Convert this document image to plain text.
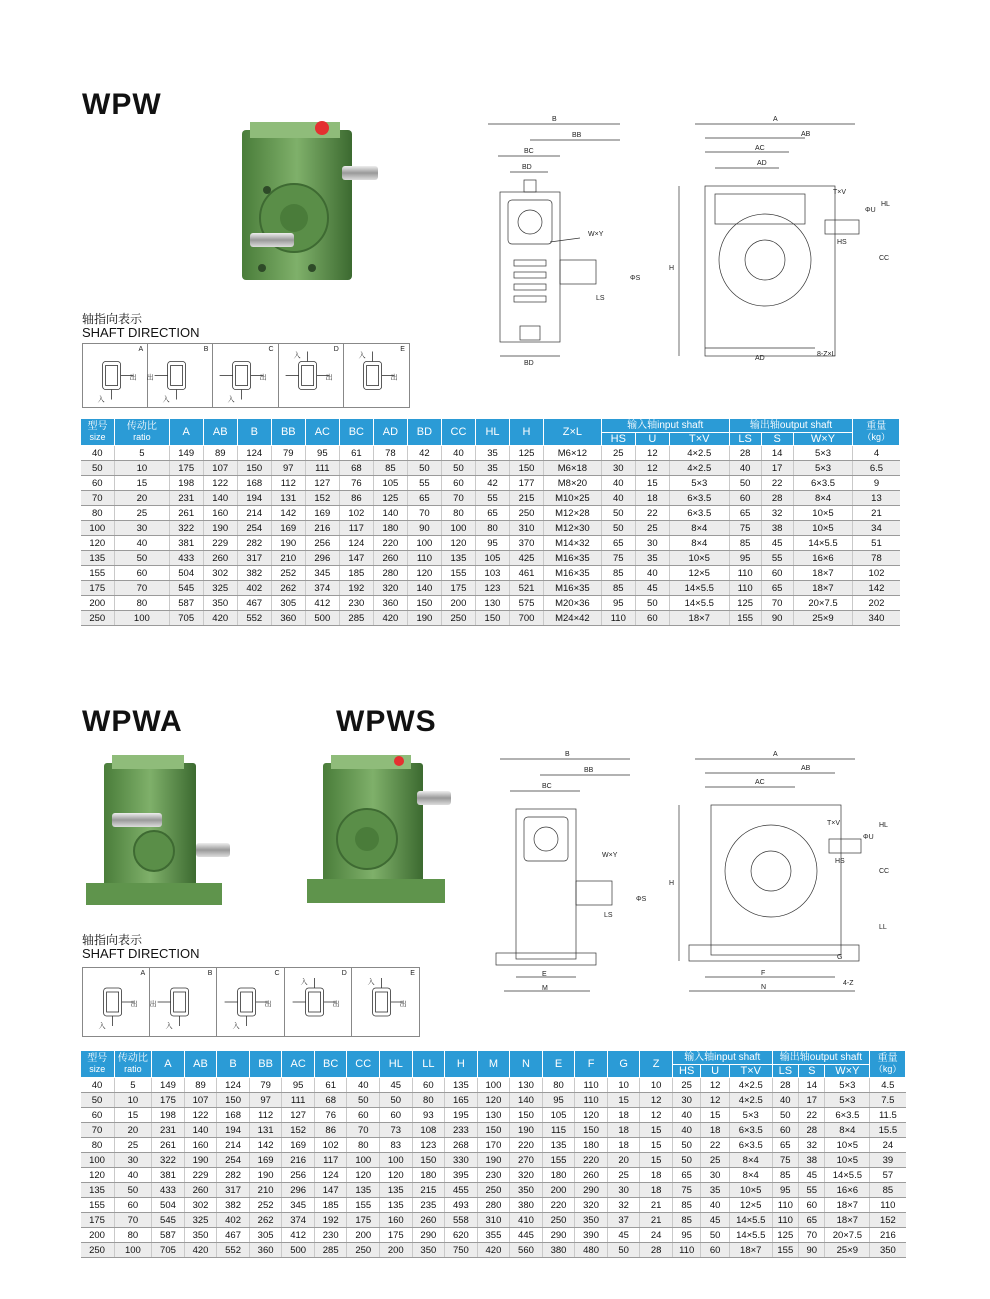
WPW	B
BB
BC
BD
W×Y
ΦS
LS
BD
A
AB
AC
AD
T×V
ΦU
HL
HS
CC
H
AD
8-Z×L
轴指向表示
SHAFT DIRECTION
A
出
入
B
出
入
C
出
入
D
出
入
E
出
入
型号
size	传动比
ratio	A	AB	B	BB	AC	BC	AD	BD	CC	HL	H	Z×L	输入轴input shaft			输出轴output shaft			重量
（kg）

														HS	U	T×V	LS	S	W×Y	
40	5	149	89	124	79	95	61	78	42	40	35	125	M6×12	25	12	4×2.5	28	14	5×3	4
50	10	175	107	150	97	111	68	85	50	50	35	150	M6×18	30	12	4×2.5	40	17	5×3	6.5
60	15	198	122	168	112	127	76	105	55	60	42	177	M8×20	40	15	5×3	50	22	6×3.5	9
70	20	231	140	194	131	152	86	125	65	70	55	215	M10×25	40	18	6×3.5	60	28	8×4	13
80	25	261	160	214	142	169	102	140	70	80	65	250	M12×28	50	22	6×3.5	65	32	10×5	21
100	30	322	190	254	169	216	117	180	90	100	80	310	M12×30	50	25	8×4	75	38	10×5	34
120	40	381	229	282	190	256	124	220	100	120	95	370	M14×32	65	30	8×4	85	45	14×5.5	51
135	50	433	260	317	210	296	147	260	110	135	105	425	M16×35	75	35	10×5	95	55	16×6	78
155	60	504	302	382	252	345	185	280	120	155	103	461	M16×35	85	40	12×5	110	60	18×7	102
175	70	545	325	402	262	374	192	320	140	175	123	521	M16×35	85	45	14×5.5	110	65	18×7	142
200	80	587	350	467	305	412	230	360	150	200	130	575	M20×36	95	50	14×5.5	125	70	20×7.5	202
250	100	705	420	552	360	500	285	420	190	250	150	700	M24×42	110	60	18×7	155	90	25×9	340
WPWA	WPWS
B
BB
BC
W×Y
ΦS
LS
E
M
A
AB
AC
T×V
ΦU
HL
HS
CC
H
LL
G
F
N
4-Z
轴指向表示
SHAFT DIRECTION
A
出
入
B
出
入
C
出
入
D
出
入
E
出
入
型号
size	传动比
ratio	A	AB	B	BB	AC	BC	CC	HL	LL	H	M	N	E	F	G	Z	输入轴input shaft			输出轴output shaft			重量
（kg）

																		HS	U	T×V	LS	S	W×Y	
40	5	149	89	124	79	95	61	40	45	60	135	100	130	80	110	10	10	25	12	4×2.5	28	14	5×3	4.5
50	10	175	107	150	97	111	68	50	50	80	165	120	140	95	110	15	12	30	12	4×2.5	40	17	5×3	7.5
60	15	198	122	168	112	127	76	60	60	93	195	130	150	105	120	18	12	40	15	5×3	50	22	6×3.5	11.5
70	20	231	140	194	131	152	86	70	73	108	233	150	190	115	150	18	15	40	18	6×3.5	60	28	8×4	15.5
80	25	261	160	214	142	169	102	80	83	123	268	170	220	135	180	18	15	50	22	6×3.5	65	32	10×5	24
100	30	322	190	254	169	216	117	100	100	150	330	190	270	155	220	20	15	50	25	8×4	75	38	10×5	39
120	40	381	229	282	190	256	124	120	120	180	395	230	320	180	260	25	18	65	30	8×4	85	45	14×5.5	57
135	50	433	260	317	210	296	147	135	135	215	455	250	350	200	290	30	18	75	35	10×5	95	55	16×6	85
155	60	504	302	382	252	345	185	155	135	235	493	280	380	220	320	32	21	85	40	12×5	110	60	18×7	110
175	70	545	325	402	262	374	192	175	160	260	558	310	410	250	350	37	21	85	45	14×5.5	110	65	18×7	152
200	80	587	350	467	305	412	230	200	175	290	620	355	445	290	390	45	24	95	50	14×5.5	125	70	20×7.5	216
250	100	705	420	552	360	500	285	250	200	350	750	420	560	380	480	50	28	110	60	18×7	155	90	25×9	350
